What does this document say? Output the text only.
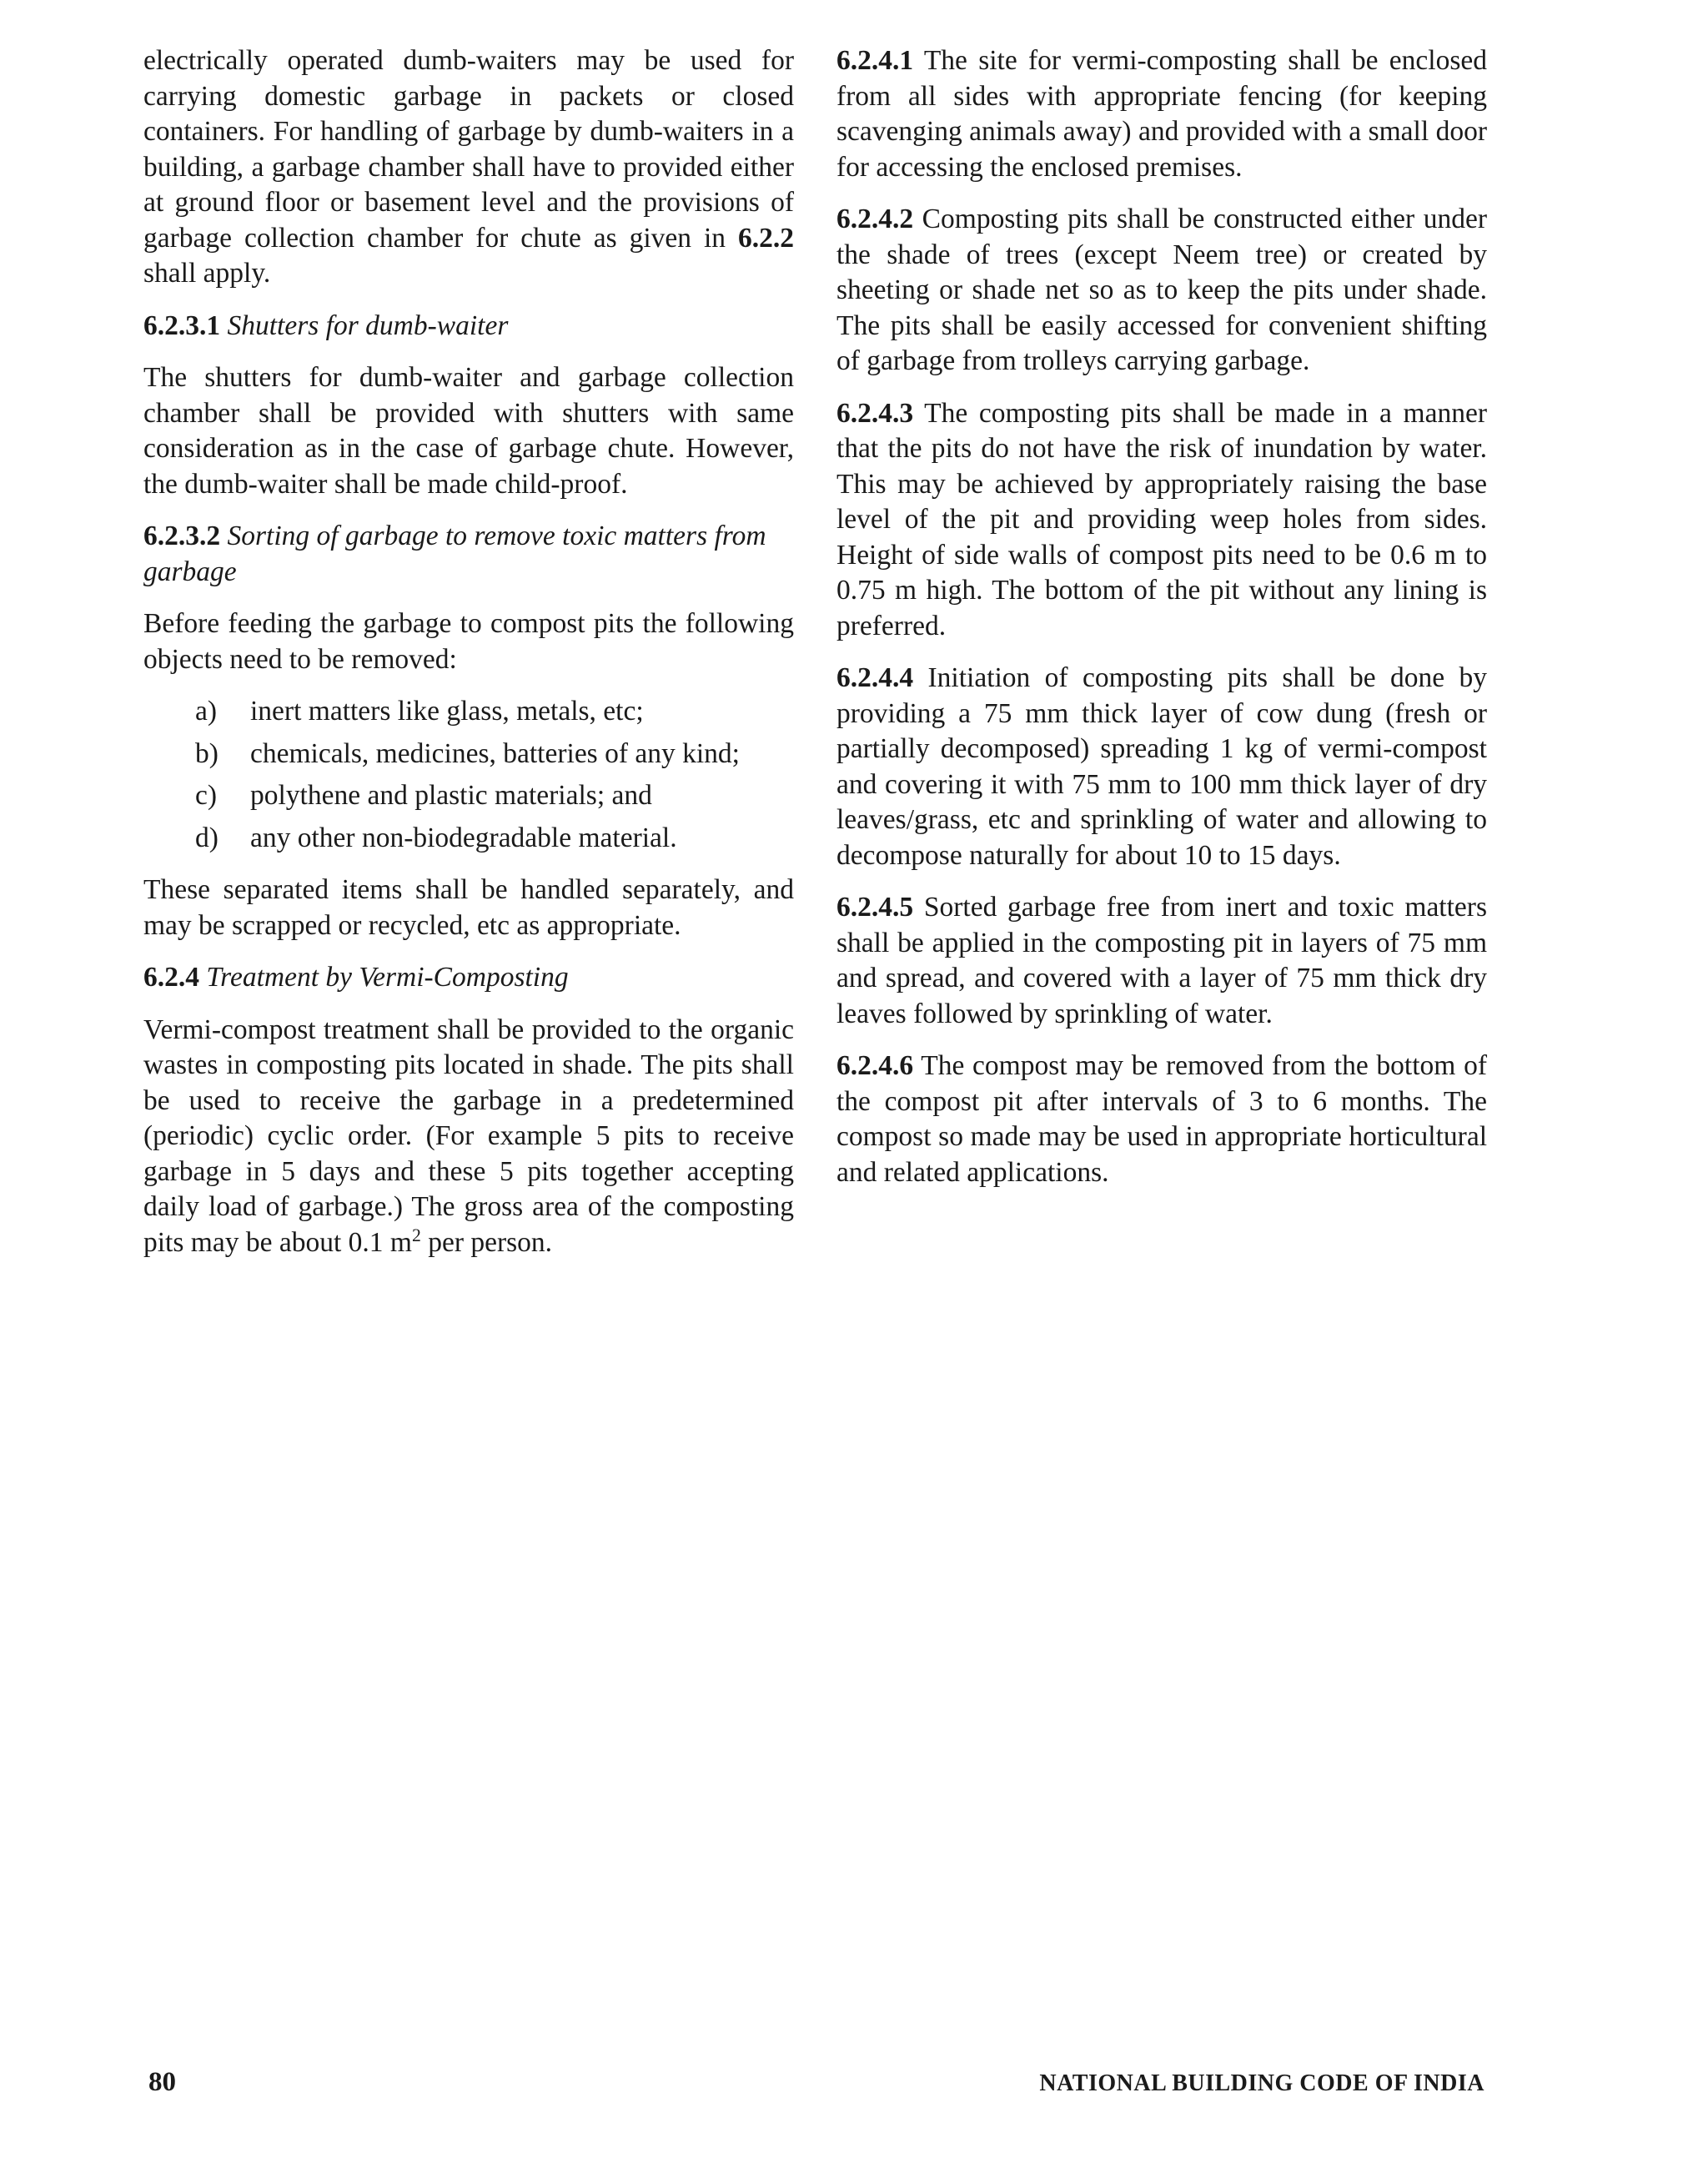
electrically operated dumb-waiters may be used for carrying domestic garbage in packets or closed containers. For handling of garbage by dumb-waiters in a building, a garbage chamber shall have to provided either at ground floor or basement level and the provisions of garbage collection chamber for chute as given in 6.2.2 shall apply.

6.2.3.1 Shutters for dumb-waiter

The shutters for dumb-waiter and garbage collection chamber shall be provided with shutters with same consideration as in the case of garbage chute. However, the dumb-waiter shall be made child-proof.

6.2.3.2 Sorting of garbage to remove toxic matters from garbage

Before feeding the garbage to compost pits the following objects need to be removed:

a) inert matters like glass, metals, etc;
b) chemicals, medicines, batteries of any kind;
c) polythene and plastic materials; and
d) any other non-biodegradable material.

These separated items shall be handled separately, and may be scrapped or recycled, etc as appropriate.

6.2.4 Treatment by Vermi-Composting

Vermi-compost treatment shall be provided to the organic wastes in composting pits located in shade. The pits shall be used to receive the garbage in a predetermined (periodic) cyclic order. (For example 5 pits to receive garbage in 5 days and these 5 pits together accepting daily load of garbage.) The gross area of the composting pits may be about 0.1 $m^2$ per person.

6.2.4.1 The site for vermi-composting shall be enclosed from all sides with appropriate fencing (for keeping scavenging animals away) and provided with a small door for accessing the enclosed premises.

6.2.4.2 Composting pits shall be constructed either under the shade of trees (except Neem tree) or created by sheeting or shade net so as to keep the pits under shade. The pits shall be easily accessed for convenient shifting of garbage from trolleys carrying garbage.

6.2.4.3 The composting pits shall be made in a manner that the pits do not have the risk of inundation by water. This may be achieved by appropriately raising the base level of the pit and providing weep holes from sides. Height of side walls of compost pits need to be 0.6 m to 0.75 m high. The bottom of the pit without any lining is preferred.

6.2.4.4 Initiation of composting pits shall be done by providing a 75 mm thick layer of cow dung (fresh or partially decomposed) spreading 1 kg of vermi-compost and covering it with 75 mm to 100 mm thick layer of dry leaves/grass, etc and sprinkling of water and allowing to decompose naturally for about 10 to 15 days.

6.2.4.5 Sorted garbage free from inert and toxic matters shall be applied in the composting pit in layers of 75 mm and spread, and covered with a layer of 75 mm thick dry leaves followed by sprinkling of water.

6.2.4.6 The compost may be removed from the bottom of the compost pit after intervals of 3 to 6 months. The compost so made may be used in appropriate horticultural and related applications.

80	NATIONAL BUILDING CODE OF INDIA
